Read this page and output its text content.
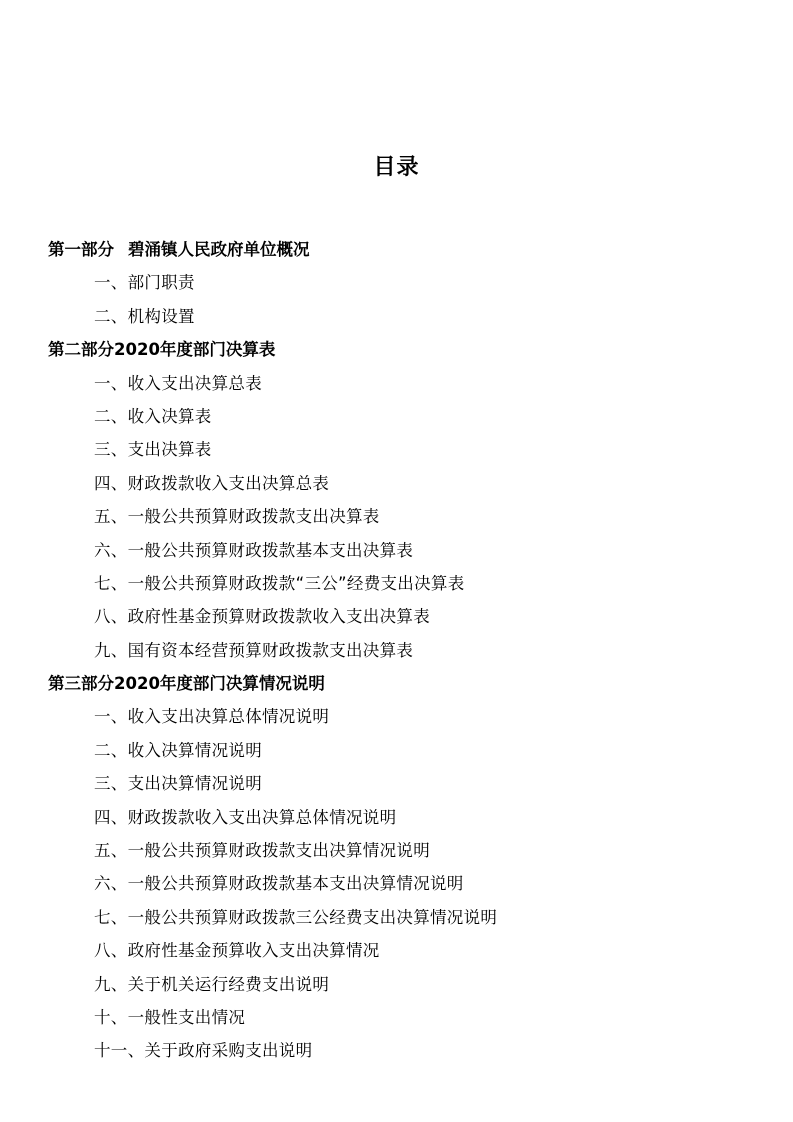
目录
第一部分 碧涌镇人民政府单位概况
一、部门职责
二、机构设置
第二部分2020年度部门决算表
一、收入支出决算总表
二、收入决算表
三、支出决算表
四、财政拨款收入支出决算总表
五、一般公共预算财政拨款支出决算表
六、一般公共预算财政拨款基本支出决算表
七、一般公共预算财政拨款“三公”经费支出决算表
八、政府性基金预算财政拨款收入支出决算表
九、国有资本经营预算财政拨款支出决算表
第三部分2020年度部门决算情况说明
一、收入支出决算总体情况说明
二、收入决算情况说明
三、支出决算情况说明
四、财政拨款收入支出决算总体情况说明
五、一般公共预算财政拨款支出决算情况说明
六、一般公共预算财政拨款基本支出决算情况说明
七、一般公共预算财政拨款三公经费支出决算情况说明
八、政府性基金预算收入支出决算情况
九、关于机关运行经费支出说明
十、一般性支出情况
十一、关于政府采购支出说明
